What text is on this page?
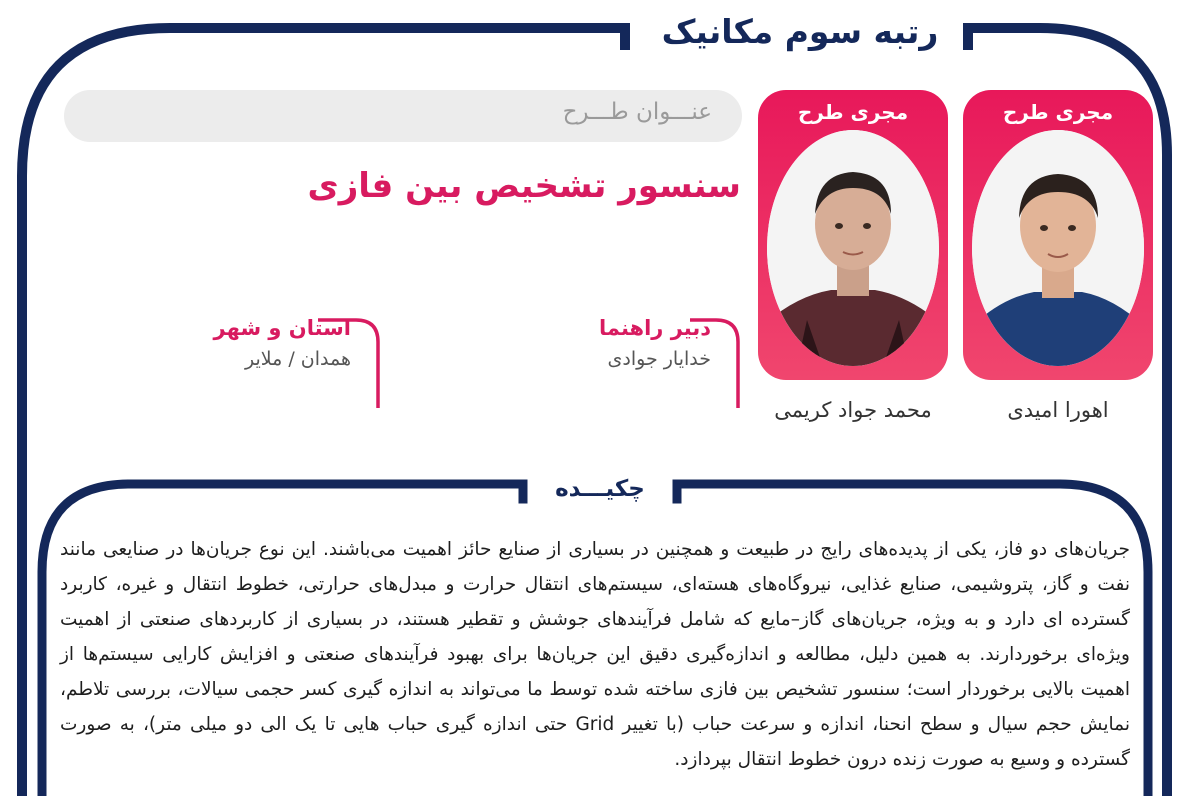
رتبه سوم مکانیک
عنـــوان طـــرح
سنسور تشخیص بین فازی
دبیر راهنما
خدایار جوادی
استان و شهر
همدان / ملایر
مجری طرح
اهورا امیدی
مجری طرح
محمد جواد کریمی
چکیـــده
جریان‌های دو فاز، یکی از پدیده‌های رایج در طبیعت و همچنین در بسیاری از صنایع حائز اهمیت می‌باشند. این نوع جریان‌ها در صنایعی مانند نفت و گاز، پتروشیمی، صنایع غذایی، نیروگاه‌های هسته‌ای، سیستم‌های انتقال حرارت و مبدل‌های حرارتی، خطوط انتقال و غیره، کاربرد گسترده ای دارد و به ویژه، جریان‌های گاز–مایع که شامل فرآیندهای جوشش و تقطیر هستند، در بسیاری از کاربردهای صنعتی از اهمیت ویژه‌ای برخوردارند. به همین دلیل، مطالعه و اندازه‌گیری دقیق این جریان‌ها برای بهبود فرآیندهای صنعتی و افزایش کارایی سیستم‌ها از اهمیت بالایی برخوردار است؛ سنسور تشخیص بین فازی ساخته شده توسط ما می‌تواند به اندازه گیری کسر حجمی سیالات، بررسی تلاطم، نمایش حجم سیال و سطح انحنا، اندازه و سرعت حباب (با تغییر Grid حتی اندازه گیری حباب هایی تا یک الی دو میلی متر)، به صورت گسترده و وسیع به صورت زنده درون خطوط انتقال بپردازد.
